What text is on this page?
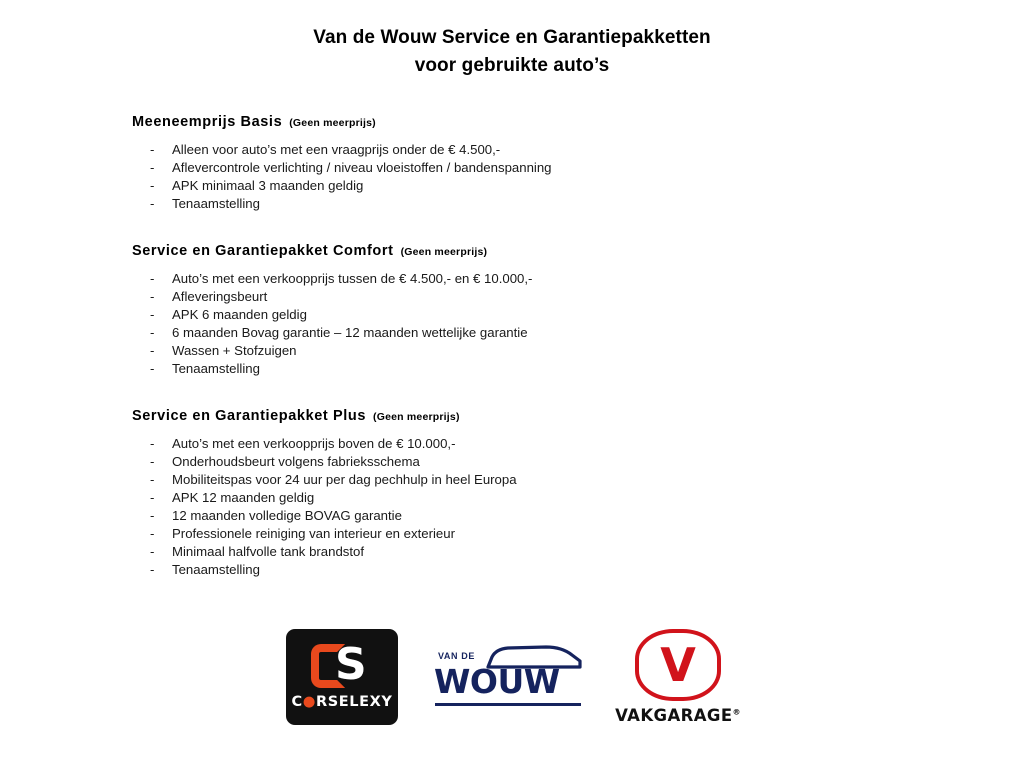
Van de Wouw Service en Garantiepakketten
voor gebruikte auto’s
Meeneemprijs Basis (Geen meerprijs)
- Alleen voor auto’s met een vraagprijs onder de € 4.500,-
- Aflevercontrole verlichting / niveau vloeistoffen / bandenspanning
- APK minimaal 3 maanden geldig
- Tenaamstelling
Service en Garantiepakket Comfort (Geen meerprijs)
- Auto’s met een verkoopprijs tussen de € 4.500,- en € 10.000,-
- Afleveringsbeurt
- APK 6 maanden geldig
- 6 maanden Bovag garantie – 12 maanden wettelijke garantie
- Wassen + Stofzuigen
- Tenaamstelling
Service en Garantiepakket Plus (Geen meerprijs)
- Auto’s met een verkoopprijs boven de € 10.000,-
- Onderhoudsbeurt volgens fabrieksschema
- Mobiliteitspas voor 24 uur per dag pechhulp in heel Europa
- APK 12 maanden geldig
- 12 maanden volledige BOVAG garantie
- Professionele reiniging van interieur en exterieur
- Minimaal halfvolle tank brandstof
- Tenaamstelling
S
C●RSELEXY
VAN DE
WOUW V
VAKGARAGE®
